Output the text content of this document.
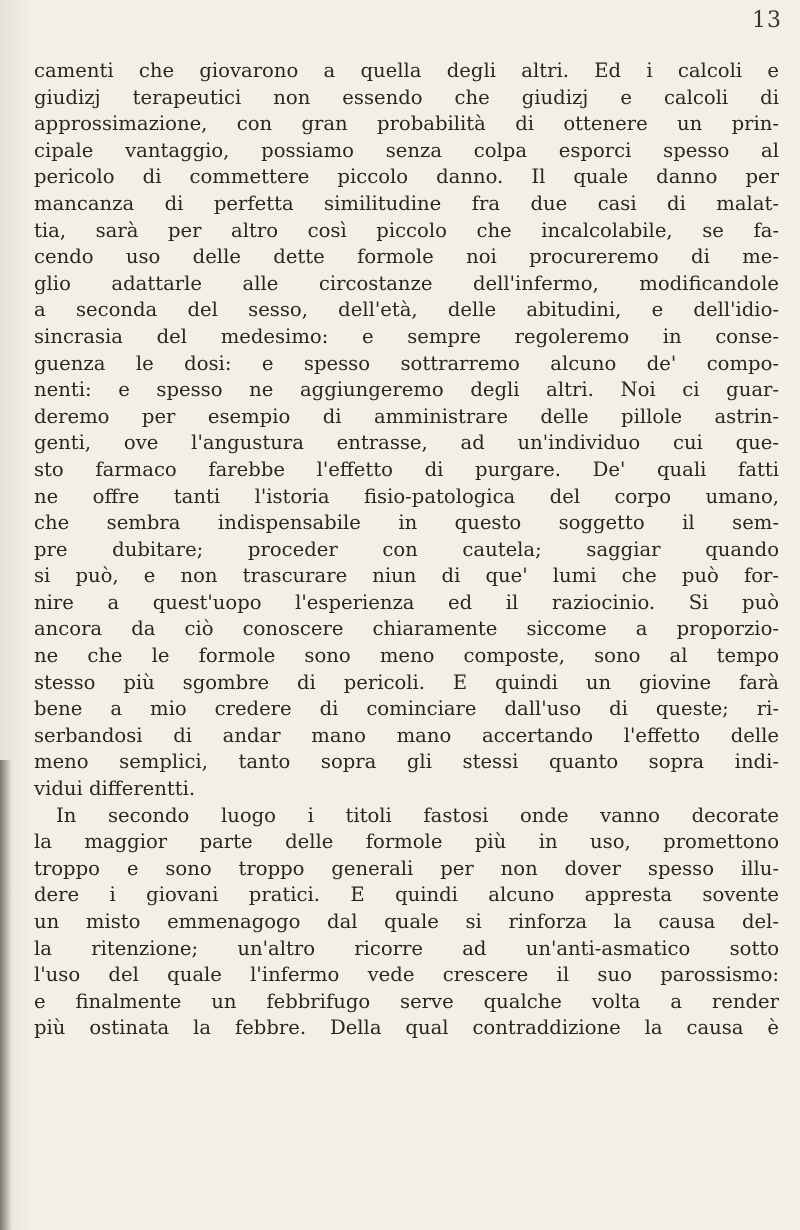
13
camenti che giovarono a quella degli altri. Ed i calcoli e
giudizj terapeutici non essendo che giudizj e calcoli di
approssimazione, con gran probabilità di ottenere un prin-
cipale vantaggio, possiamo senza colpa esporci spesso al
pericolo di commettere piccolo danno. Il quale danno per
mancanza di perfetta similitudine fra due casi di malat-
tia, sarà per altro così piccolo che incalcolabile, se fa-
cendo uso delle dette formole noi procureremo di me-
glio adattarle alle circostanze dell'infermo, modificandole
a seconda del sesso, dell'età, delle abitudini, e dell'idio-
sincrasia del medesimo: e sempre regoleremo in conse-
guenza le dosi: e spesso sottrarremo alcuno de' compo-
nenti: e spesso ne aggiungeremo degli altri. Noi ci guar-
deremo per esempio di amministrare delle pillole astrin-
genti, ove l'angustura entrasse, ad un'individuo cui que-
sto farmaco farebbe l'effetto di purgare. De' quali fatti
ne offre tanti l'istoria fisio-patologica del corpo umano,
che sembra indispensabile in questo soggetto il sem-
pre dubitare; proceder con cautela; saggiar quando
si può, e non trascurare niun di que' lumi che può for-
nire a quest'uopo l'esperienza ed il raziocinio. Si può
ancora da ciò conoscere chiaramente siccome a proporzio-
ne che le formole sono meno composte, sono al tempo
stesso più sgombre di pericoli. E quindi un giovine farà
bene a mio credere di cominciare dall'uso di queste; ri-
serbandosi di andar mano mano accertando l'effetto delle
meno semplici, tanto sopra gli stessi quanto sopra indi-
vidui differentti.
In secondo luogo i titoli fastosi onde vanno decorate
la maggior parte delle formole più in uso, promettono
troppo e sono troppo generali per non dover spesso illu-
dere i giovani pratici. E quindi alcuno appresta sovente
un misto emmenagogo dal quale si rinforza la causa del-
la ritenzione; un'altro ricorre ad un'anti-asmatico sotto
l'uso del quale l'infermo vede crescere il suo parossismo:
e finalmente un febbrifugo serve qualche volta a render
più ostinata la febbre. Della qual contraddizione la causa è
